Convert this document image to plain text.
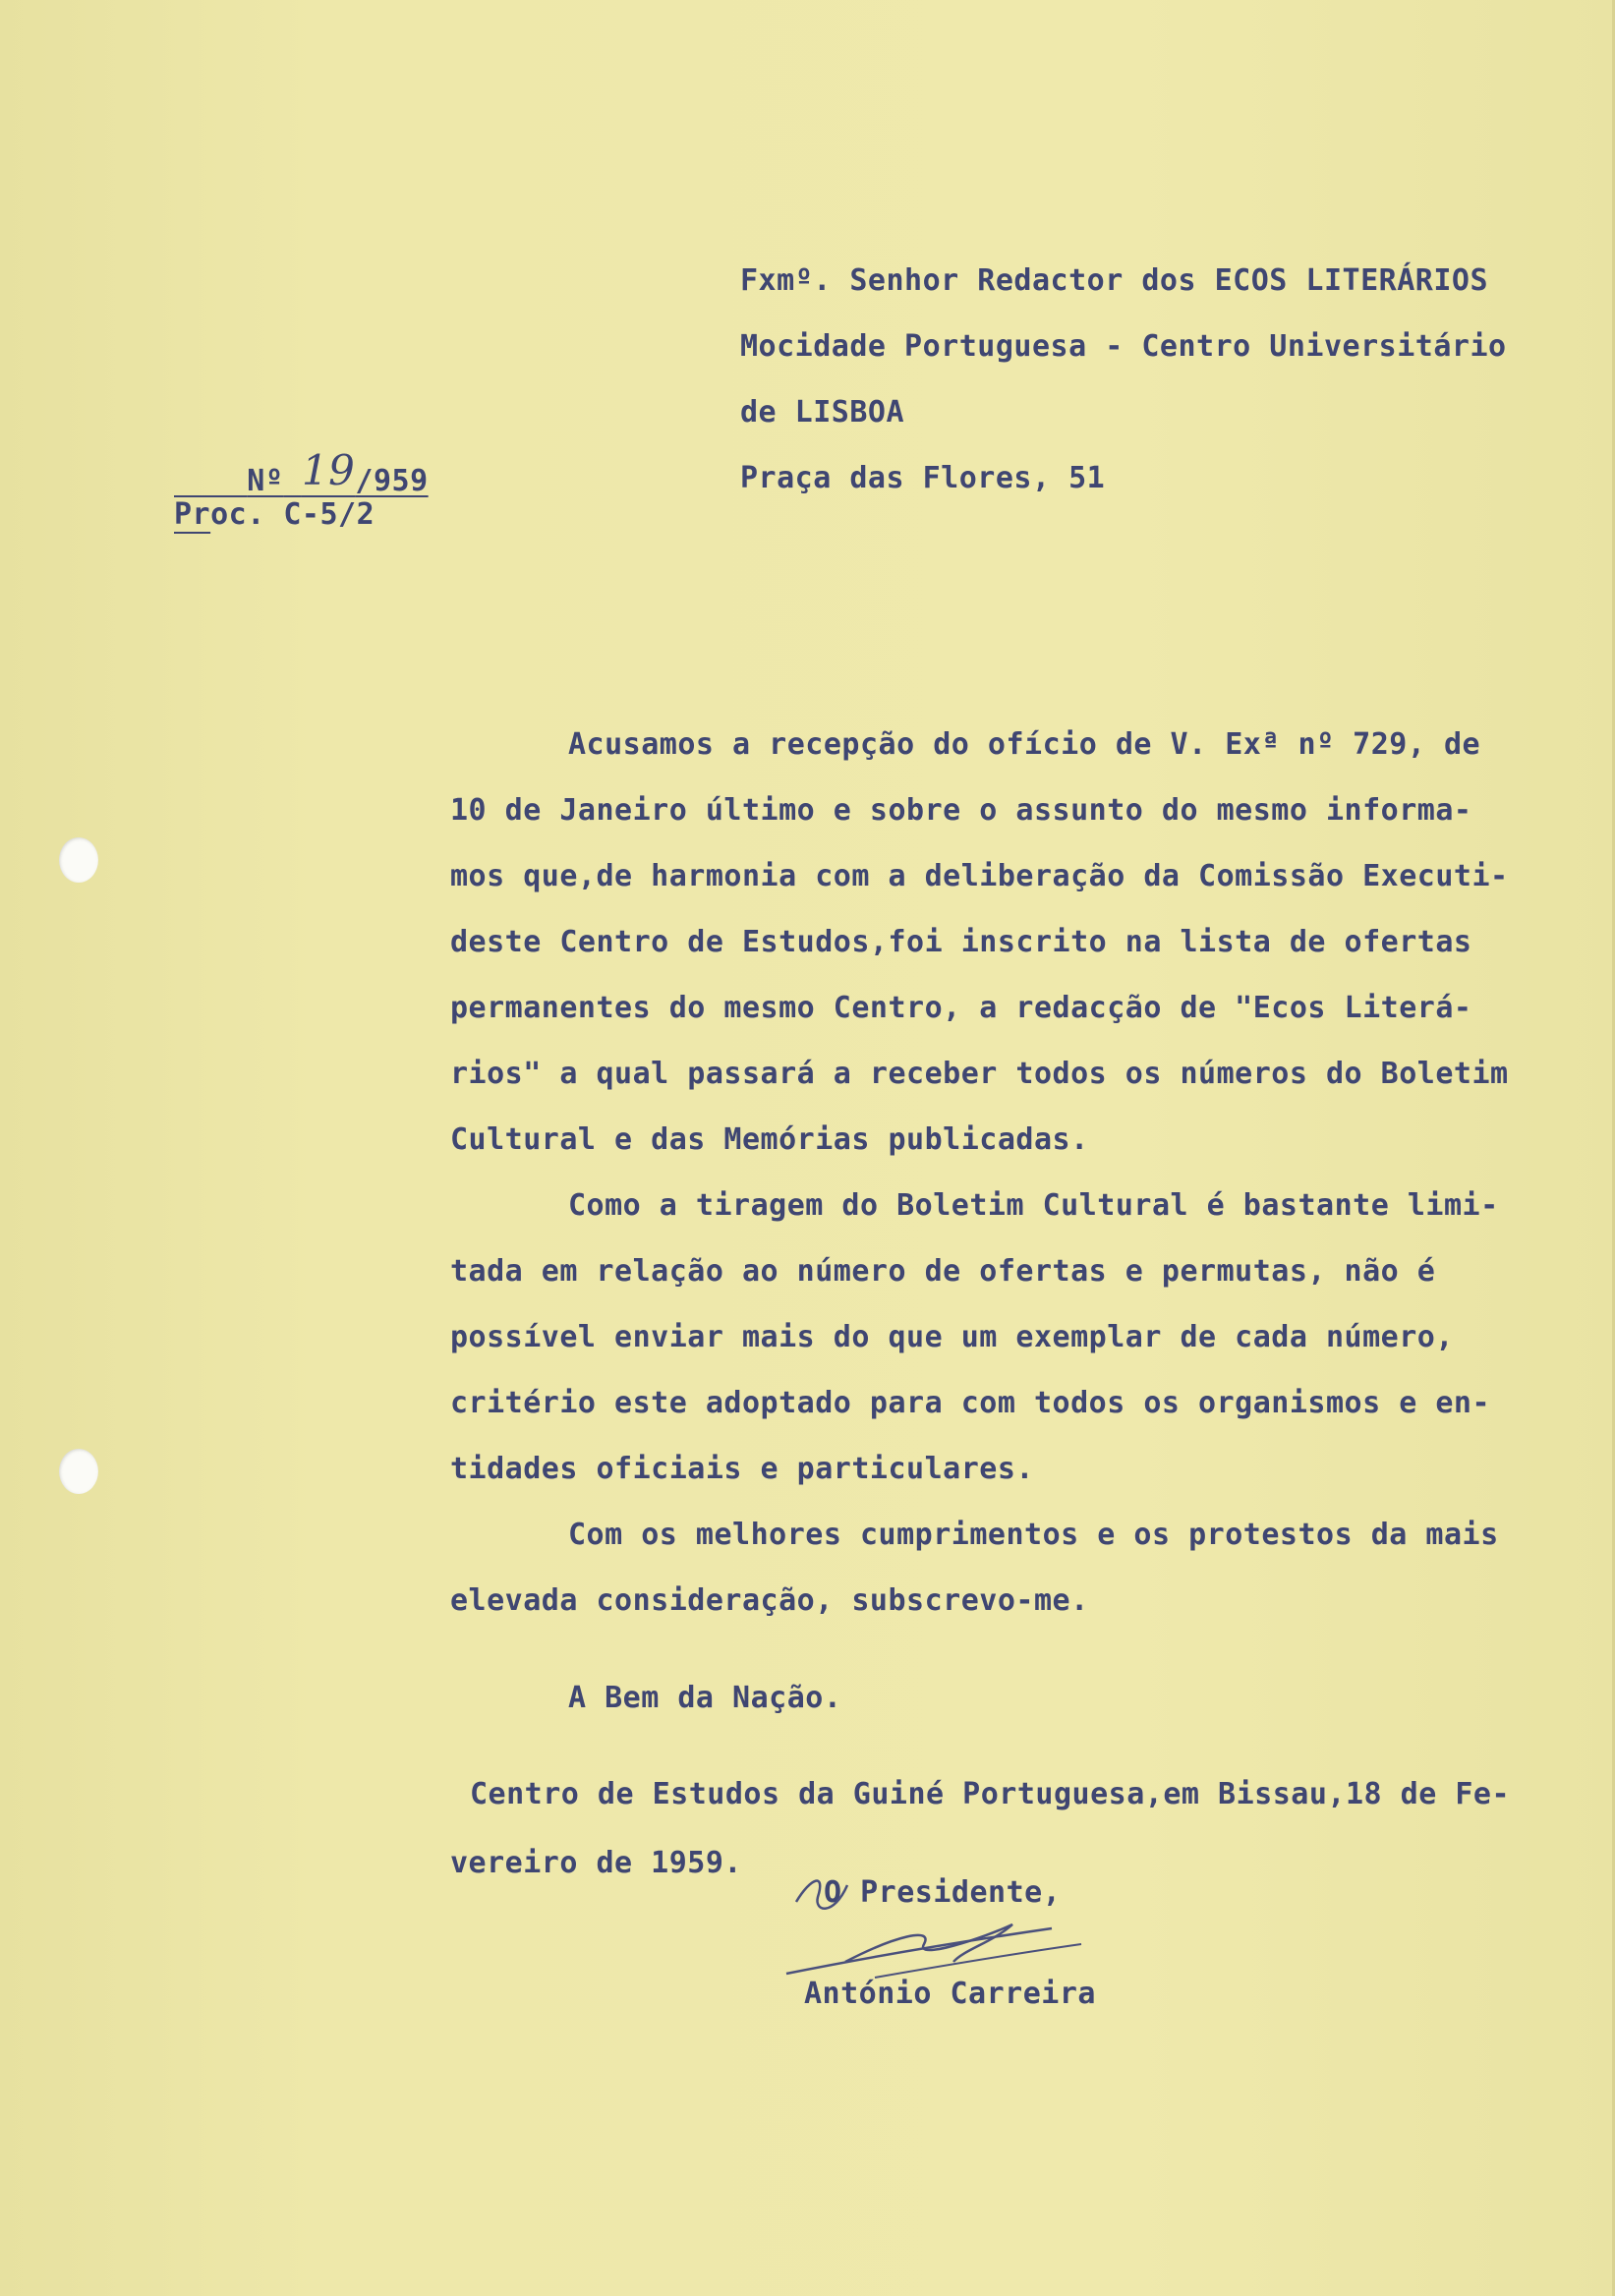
Fxmº. Senhor Redactor dos ECOS LITERÁRIOS
Mocidade Portuguesa - Centro Universitário
de LISBOA
Praça das Flores, 51

Nº 19/959

Proc. C-5/2
Acusamos a recepção do ofício de V. Exª nº 729, de
10 de Janeiro último e sobre o assunto do mesmo informa-
mos que,de harmonia com a deliberação da Comissão Executi-
deste Centro de Estudos,foi inscrito na lista de ofertas
permanentes do mesmo Centro, a redacção de "Ecos Literá-
rios" a qual passará a receber todos os números do Boletim
Cultural e das Memórias publicadas.
Como a tiragem do Boletim Cultural é bastante limi-
tada em relação ao número de ofertas e permutas, não é
possível enviar mais do que um exemplar de cada número,
critério este adoptado para com todos os organismos e en-
tidades oficiais e particulares.
Com os melhores cumprimentos e os protestos da mais
elevada consideração, subscrevo-me.
A Bem da Nação.
Centro de Estudos da Guiné Portuguesa,em Bissau,18 de Fe-
vereiro de 1959.
O Presidente,
António Carreira
